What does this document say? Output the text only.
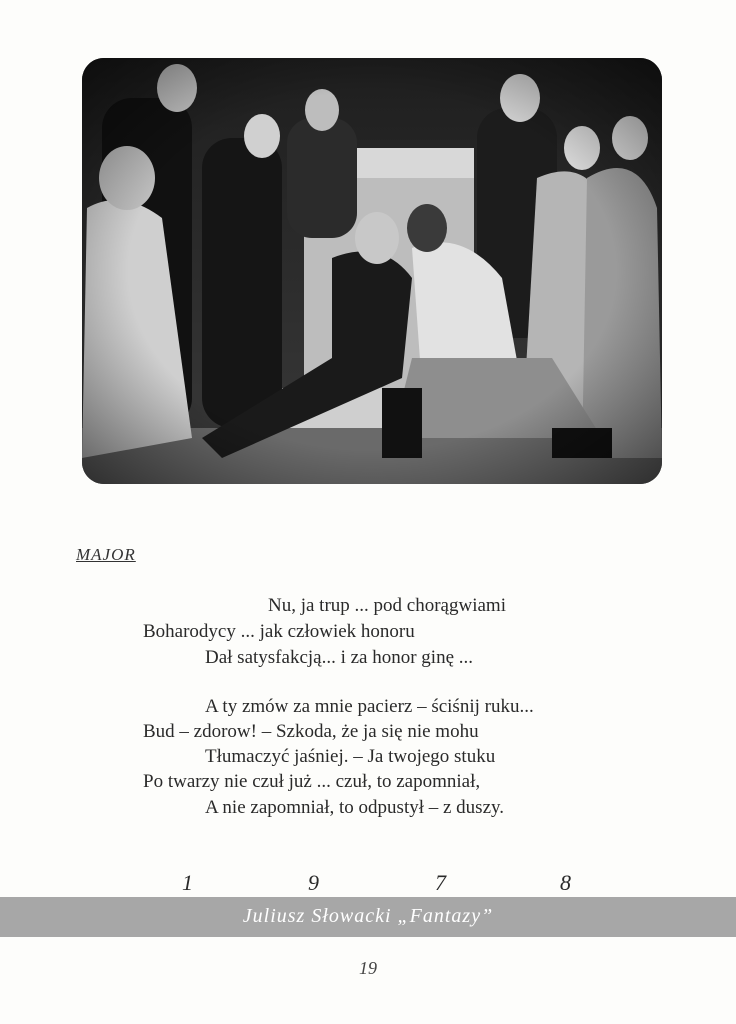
MAJOR

Nu, ja trup ... pod chorągwiami

Boharodycy ... jak człowiek honoru

Dał satysfakcją... i za honor ginę ...

A ty zmów za mnie pacierz – ściśnij ruku...

Bud – zdorow! – Szkoda, że ja się nie mohu

Tłumaczyć jaśniej. – Ja twojego stuku

Po twarzy nie czuł już ... czuł, to zapomniał,

A nie zapomniał, to odpustył – z duszy.

1	9	7	8
Juliusz Słowacki „Fantazy”
19
